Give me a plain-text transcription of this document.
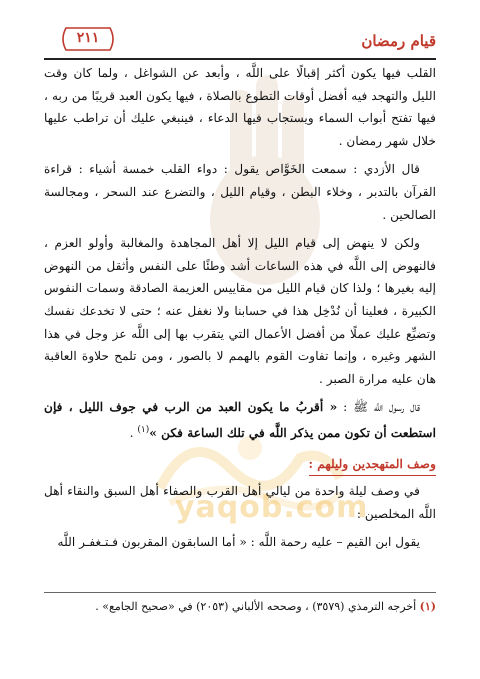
yaqob.com
قيام رمضان
٢١١

القلب فيها يكون أكثر إقبالًا على اللَّه ، وأبعد عن الشواغل ، ولما كان وقت الليل والتهجد فيه أفضل أوقات التطوع بالصلاة ، فيها يكون العبد قريبًا من ربه ، فيها تفتح أبواب السماء ويستجاب فيها الدعاء ، فينبغي عليك أن تراطب عليها خلال شهر رمضان .

قال الأزدي : سمعت الخَوَّاص يقول : دواء القلب خمسة أشياء : قراءة القرآن بالتدبر ، وخلاء البطن ، وقيام الليل ، والتضرع عند السحر ، ومجالسة الصالحين .

ولكن لا ينهض إلى قيام الليل إلا أهل المجاهدة والمغالبة وأولو العزم ، فالنهوض إلى اللَّه في هذه الساعات أشد وطئًا على النفس وأثقل من النهوض إليه بغيرها ؛ ولذا كان قيام الليل من مقاييس العزيمة الصادقة وسمات النفوس الكبيرة ، فعلينا أن نُدْخِل هذا في حسابنا ولا نغفل عنه ؛ حتى لا تخدعك نفسك وتضيِّع عليك عملًا من أفضل الأعمال التي يتقرب بها إلى اللَّه عز وجل في هذا الشهر وغيره ، وإنما تفاوت القوم بالهمم لا بالصور ، ومن تلمح حلاوة العاقبة هان عليه مرارة الصبر .

قال رسول اللَّه ﷺ : « أقربُ ما يكون العبد من الرب في جوف الليل ، فإن استطعت أن تكون ممن يذكر اللَّه في تلك الساعة فكن »$^{(١)}$ .

وصف المتهجدين وليلهم :

في وصف ليلة واحدة من ليالي أهل القرب والصفاء أهل السبق والنقاء أهل اللَّه المخلصين :

يقول ابن القيم – عليه رحمة اللَّه : « أما السابقون المقربون فـتـغفـر اللَّه

(١) أخرجه الترمذي (٣٥٧٩) ، وصححه الألباني (٢٠٥٣) في «صحيح الجامع» .
